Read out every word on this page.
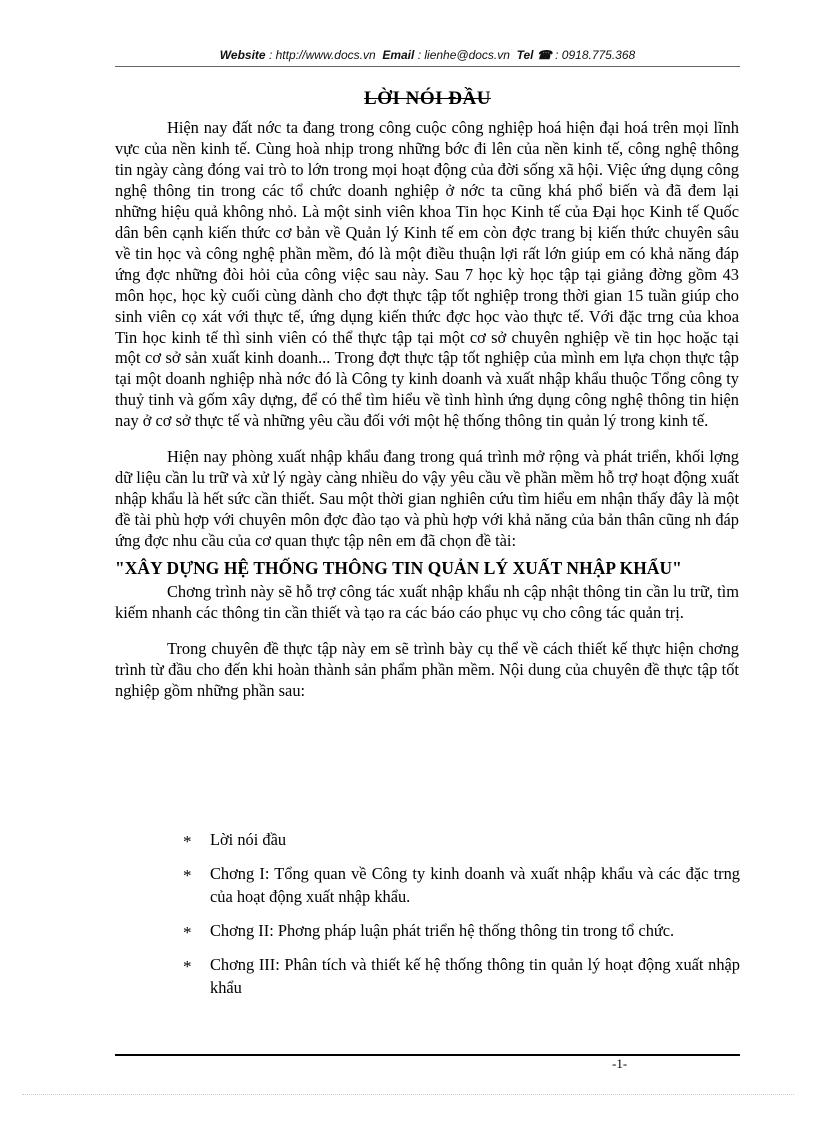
Website : http://www.docs.vn Email : lienhe@docs.vn Tel ☎ : 0918.775.368
LỜI NÓI ĐẦU

Hiện nay đất nớc ta đang trong công cuộc công nghiệp hoá hiện đại hoá trên mọi lĩnh vực của nền kinh tế. Cùng hoà nhịp trong những bớc đi lên của nền kinh tế, công nghệ thông tin ngày càng đóng vai trò to lớn trong mọi hoạt động của đời sống xã hội. Việc ứng dụng công nghệ thông tin trong các tổ chức doanh nghiệp ở nớc ta cũng khá phổ biến và đã đem lại những hiệu quả không nhỏ. Là một sinh viên khoa Tin học Kinh tế của Đại học Kinh tế Quốc dân bên cạnh kiến thức cơ bản về Quản lý Kinh tế em còn đợc trang bị kiến thức chuyên sâu về tin học và công nghệ phần mềm, đó là một điều thuận lợi rất lớn giúp em có khả năng đáp ứng đợc những đòi hỏi của công việc sau này. Sau 7 học kỳ học tập tại giảng đờng gồm 43 môn học, học kỳ cuối cùng dành cho đợt thực tập tốt nghiệp trong thời gian 15 tuần giúp cho sinh viên cọ xát với thực tế, ứng dụng kiến thức đợc học vào thực tế. Với đặc trng của khoa Tin học kinh tế thì sinh viên có thể thực tập tại một cơ sở chuyên nghiệp về tin học hoặc tại một cơ sở sản xuất kinh doanh... Trong đợt thực tập tốt nghiệp của mình em lựa chọn thực tập tại một doanh nghiệp nhà nớc đó là Công ty kinh doanh và xuất nhập khẩu thuộc Tổng công ty thuỷ tinh và gốm xây dựng, để có thể tìm hiểu về tình hình ứng dụng công nghệ thông tin hiện nay ở cơ sở thực tế và những yêu cầu đối với một hệ thống thông tin quản lý trong kinh tế.

Hiện nay phòng xuất nhập khẩu đang trong quá trình mở rộng và phát triển, khối lợng dữ liệu cần lu trữ và xử lý ngày càng nhiều do vậy yêu cầu về phần mềm hỗ trợ hoạt động xuất nhập khẩu là hết sức cần thiết. Sau một thời gian nghiên cứu tìm hiểu em nhận thấy đây là một đề tài phù hợp với chuyên môn đợc đào tạo và phù hợp với khả năng của bản thân cũng nh đáp ứng đợc nhu cầu của cơ quan thực tập nên em đã chọn đề tài:

"XÂY DỰNG HỆ THỐNG THÔNG TIN QUẢN LÝ XUẤT NHẬP KHẨU"

Chơng trình này sẽ hỗ trợ công tác xuất nhập khẩu nh cập nhật thông tin cần lu trữ, tìm kiếm nhanh các thông tin cần thiết và tạo ra các báo cáo phục vụ cho công tác quản trị.

Trong chuyên đề thực tập này em sẽ trình bày cụ thể về cách thiết kế thực hiện chơng trình từ đầu cho đến khi hoàn thành sản phẩm phần mềm. Nội dung của chuyên đề thực tập tốt nghiệp gồm những phần sau:

* Lời nói đầu
* Chơng I: Tổng quan về Công ty kinh doanh và xuất nhập khẩu và các đặc trng của hoạt động xuất nhập khẩu.
* Chơng II: Phơng pháp luận phát triển hệ thống thông tin trong tổ chức.
* Chơng III: Phân tích và thiết kế hệ thống thông tin quản lý hoạt động xuất nhập khẩu
-1-
